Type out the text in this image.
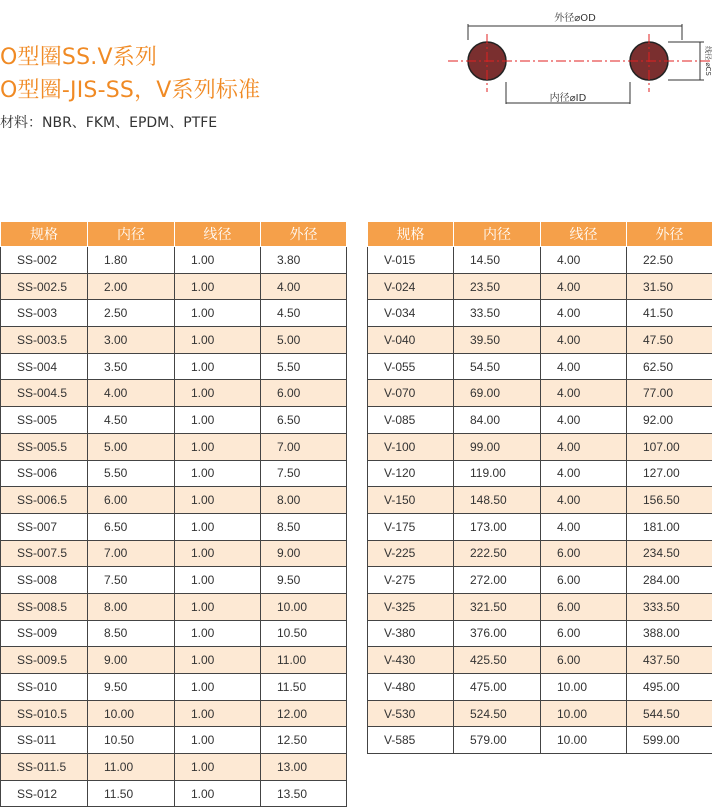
O型圈SS.V系列
O型圈-JIS-SS，V系列标准
材料：NBR、FKM、EPDM、PTFE
外径⌀OD
内径⌀ID
线径 ⌀CS
规格	内径	线径	外径
SS-002	1.80	1.00	3.80
SS-002.5	2.00	1.00	4.00
SS-003	2.50	1.00	4.50
SS-003.5	3.00	1.00	5.00
SS-004	3.50	1.00	5.50
SS-004.5	4.00	1.00	6.00
SS-005	4.50	1.00	6.50
SS-005.5	5.00	1.00	7.00
SS-006	5.50	1.00	7.50
SS-006.5	6.00	1.00	8.00
SS-007	6.50	1.00	8.50
SS-007.5	7.00	1.00	9.00
SS-008	7.50	1.00	9.50
SS-008.5	8.00	1.00	10.00
SS-009	8.50	1.00	10.50
SS-009.5	9.00	1.00	11.00
SS-010	9.50	1.00	11.50
SS-010.5	10.00	1.00	12.00
SS-011	10.50	1.00	12.50
SS-011.5	11.00	1.00	13.00
SS-012	11.50	1.00	13.50
规格	内径	线径	外径
V-015	14.50	4.00	22.50
V-024	23.50	4.00	31.50
V-034	33.50	4.00	41.50
V-040	39.50	4.00	47.50
V-055	54.50	4.00	62.50
V-070	69.00	4.00	77.00
V-085	84.00	4.00	92.00
V-100	99.00	4.00	107.00
V-120	119.00	4.00	127.00
V-150	148.50	4.00	156.50
V-175	173.00	4.00	181.00
V-225	222.50	6.00	234.50
V-275	272.00	6.00	284.00
V-325	321.50	6.00	333.50
V-380	376.00	6.00	388.00
V-430	425.50	6.00	437.50
V-480	475.00	10.00	495.00
V-530	524.50	10.00	544.50
V-585	579.00	10.00	599.00
